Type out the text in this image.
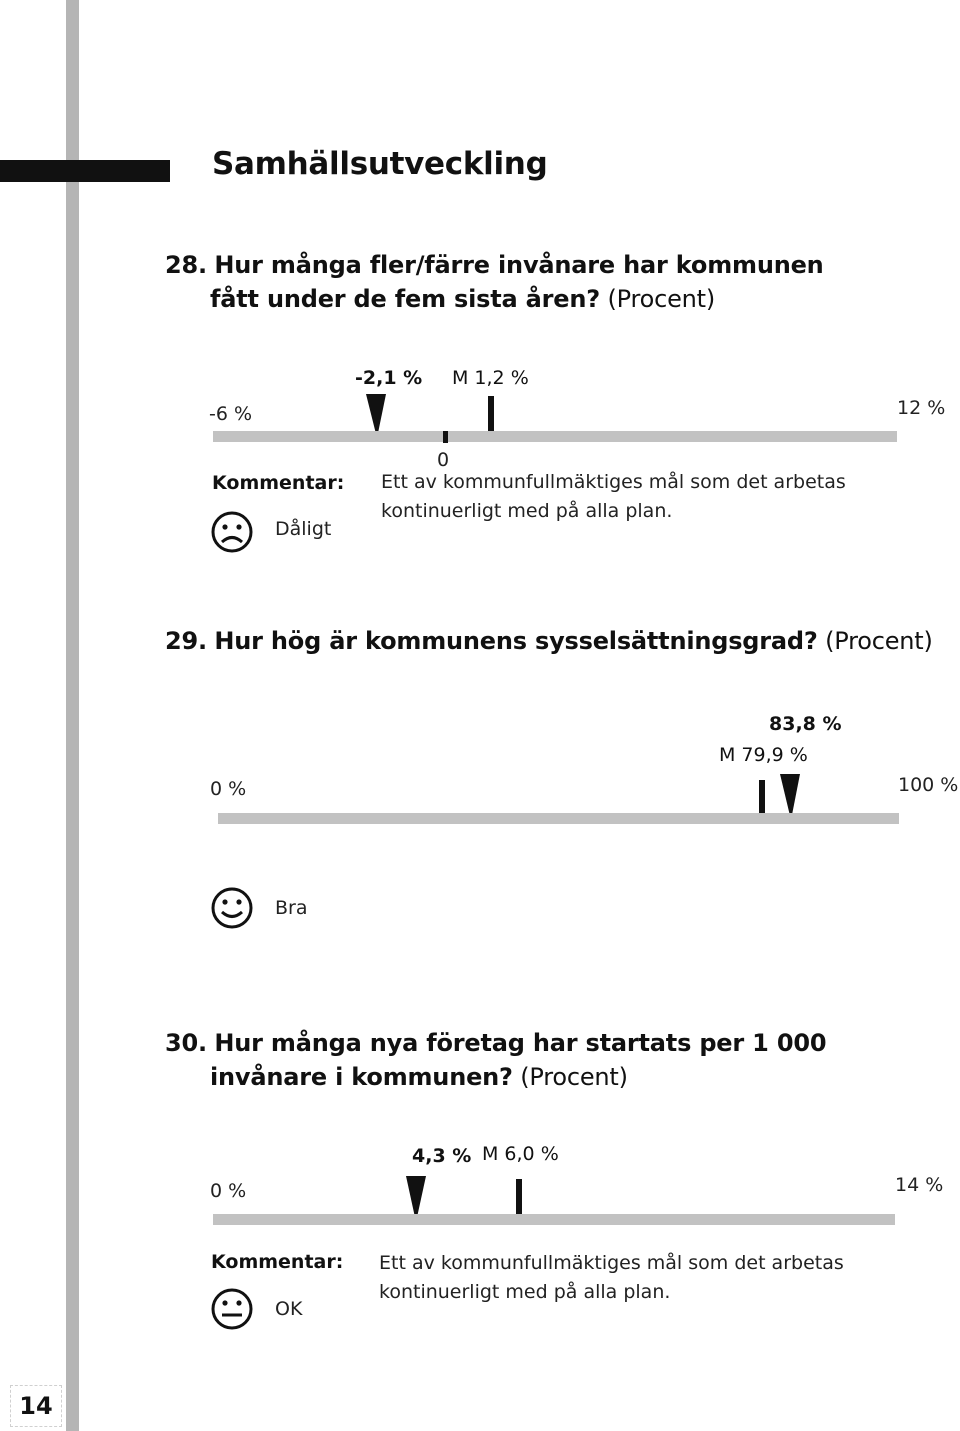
Samhällsutveckling
28. Hur många fler/färre invånare har kommunen
fått under de fem sista åren? (Procent)
-2,1 % M 1,2 %
-6 %	12 %
0
Kommentar: Ett av kommunfullmäktiges mål som det arbetas
kontinuerligt med på alla plan.
Dåligt
29. Hur hög är kommunens sysselsättningsgrad? (Procent)
83,8 %
M 79,9 %
0 %	100 %
Bra
30. Hur många nya företag har startats per 1 000
invånare i kommunen? (Procent)
4,3 % M 6,0 %
0 %	14 %
Kommentar: Ett av kommunfullmäktiges mål som det arbetas
kontinuerligt med på alla plan.
OK
14
